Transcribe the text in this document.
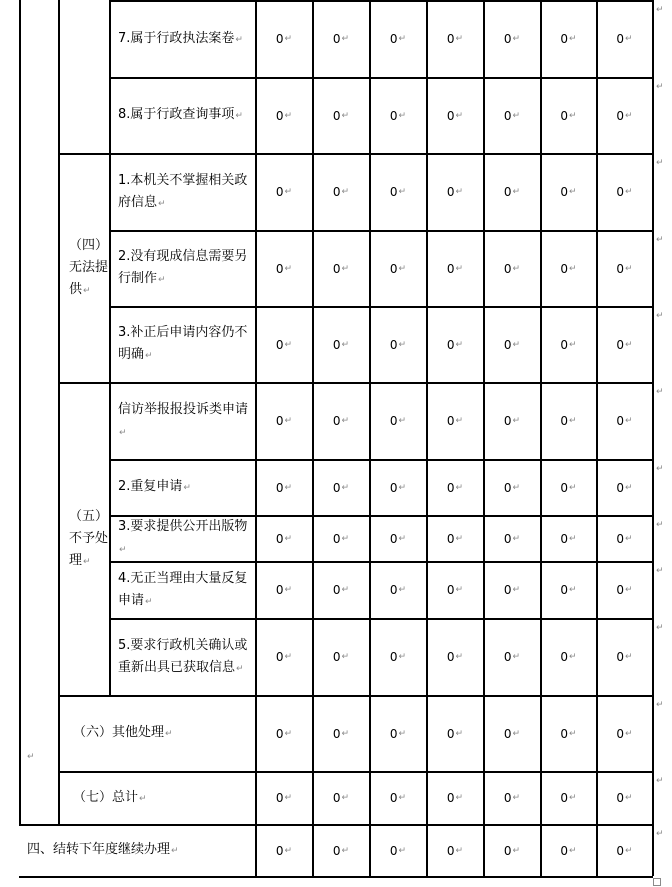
↵
（四）无法提供↵
（五）不予处理↵
7.属于行政执法案卷↵	0 ↵	0 ↵	0 ↵	0 ↵	0 ↵	0 ↵	0 ↵
↵
8.属于行政查询事项↵	0 ↵	0 ↵	0 ↵	0 ↵	0 ↵	0 ↵	0 ↵
↵
1.本机关不掌握相关政府信息↵
0 ↵	0 ↵	0 ↵	0 ↵	0 ↵	0 ↵	0 ↵
↵
2.没有现成信息需要另行制作↵
0 ↵	0 ↵	0 ↵	0 ↵	0 ↵	0 ↵	0 ↵
↵
3.补正后申请内容仍不明确↵
0 ↵	0 ↵	0 ↵	0 ↵	0 ↵	0 ↵	0 ↵
↵
信访举报报投诉类申请↵
0 ↵	0 ↵	0 ↵	0 ↵	0 ↵	0 ↵	0 ↵
↵
2.重复申请↵	0 ↵	0 ↵	0 ↵	0 ↵	0 ↵	0 ↵	0 ↵
↵
3.要求提供公开出版物↵
0 ↵	0 ↵	0 ↵	0 ↵	0 ↵	0 ↵	0 ↵
↵
4.无正当理由大量反复申请↵
0 ↵	0 ↵	0 ↵	0 ↵	0 ↵	0 ↵	0 ↵
↵
5.要求行政机关确认或重新出具已获取信息↵
0 ↵	0 ↵	0 ↵	0 ↵	0 ↵	0 ↵	0 ↵
↵
（六）其他处理↵	0 ↵	0 ↵	0 ↵	0 ↵	0 ↵	0 ↵	0 ↵
↵
（七）总计↵	0 ↵	0 ↵	0 ↵	0 ↵	0 ↵	0 ↵	0 ↵
↵
四、结转下年度继续办理↵	0 ↵	0 ↵	0 ↵	0 ↵	0 ↵	0 ↵	0 ↵
↵
